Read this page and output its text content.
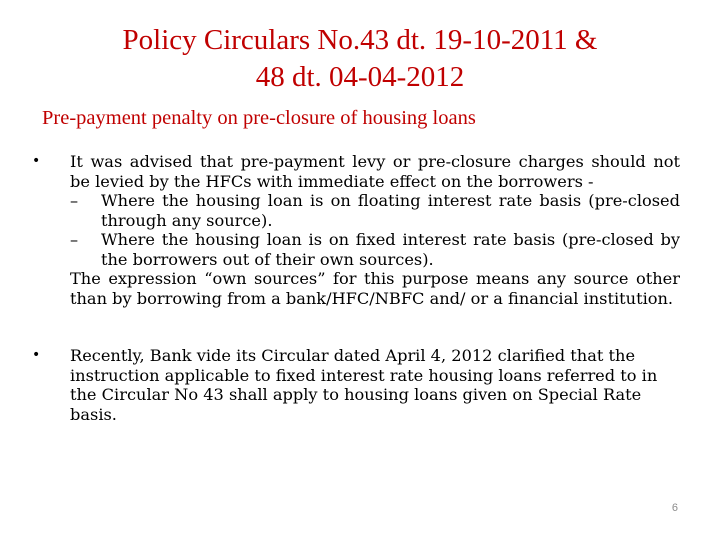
Policy Circulars No.43 dt. 19-10-2011 &
48 dt. 04-04-2012
Pre-payment penalty on pre-closure of housing loans
•	It was advised that pre-payment levy or pre-closure charges should not be levied by the HFCs with immediate effect on the borrowers -
–	Where the housing loan is on floating interest rate basis (pre-closed through any source).
–	Where the housing loan is on fixed interest rate basis (pre-closed by the borrowers out of their own sources).
The expression “own sources” for this purpose means any source other than by borrowing from a bank/HFC/NBFC and/ or a financial institution.
•	Recently, Bank vide its Circular dated April 4, 2012 clarified that the instruction applicable to fixed interest rate housing loans referred to in the Circular No 43 shall apply to housing loans given on Special Rate basis.
6
